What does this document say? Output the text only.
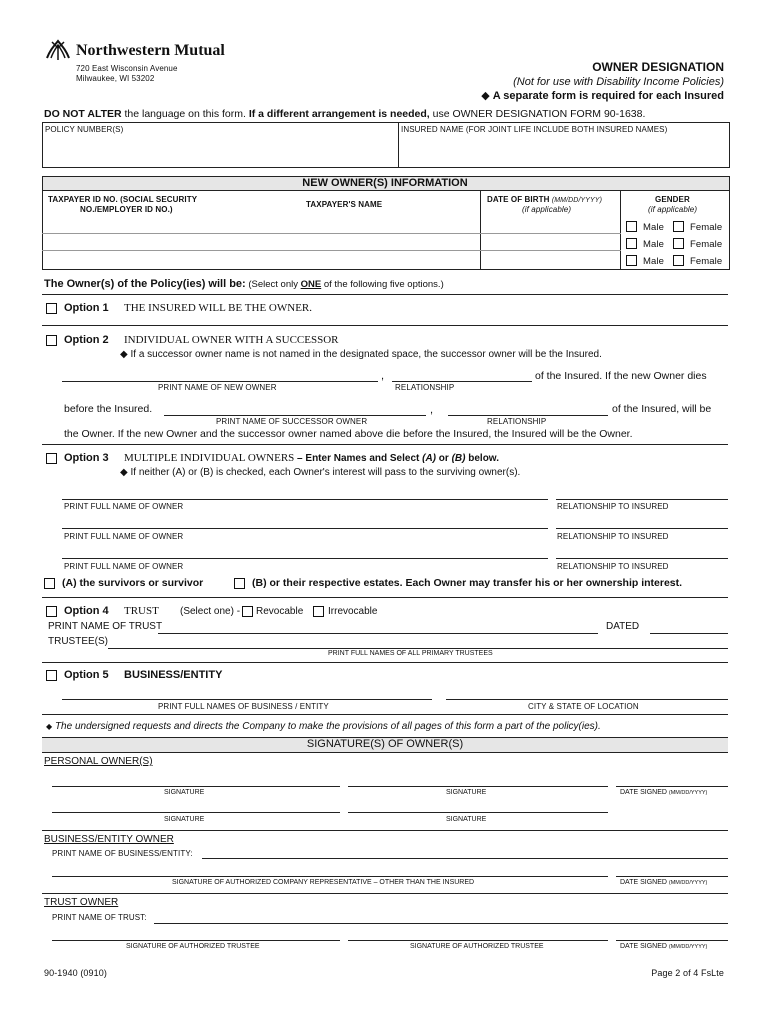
Northwestern Mutual
720 East Wisconsin Avenue
Milwaukee, WI 53202
OWNER DESIGNATION
(Not for use with Disability Income Policies)
◆ A separate form is required for each Insured
DO NOT ALTER the language on this form. If a different arrangement is needed, use OWNER DESIGNATION FORM 90-1638.
POLICY NUMBER(S)	INSURED NAME (FOR JOINT LIFE INCLUDE BOTH INSURED NAMES)
NEW OWNER(S) INFORMATION
TAXPAYER ID NO. (SOCIAL SECURITY
NO./EMPLOYER ID NO.)
TAXPAYER'S NAME
DATE OF BIRTH (MM/DD/YYYY)
(if applicable)
GENDER
(if applicable)
Male	Female
Male	Female
Male	Female
The Owner(s) of the Policy(ies) will be: (Select only ONE of the following five options.)
Option 1 THE INSURED WILL BE THE OWNER.
Option 2 INDIVIDUAL OWNER WITH A SUCCESSOR
◆ If a successor owner name is not named in the designated space, the successor owner will be the Insured.
,	of the Insured. If the new Owner dies
PRINT NAME OF NEW OWNER	RELATIONSHIP
before the Insured.	,	of the Insured, will be
PRINT NAME OF SUCCESSOR OWNER	RELATIONSHIP
the Owner. If the new Owner and the successor owner named above die before the Insured, the Insured will be the Owner.
Option 3 MULTIPLE INDIVIDUAL OWNERS – Enter Names and Select (A) or (B) below.
◆ If neither (A) or (B) is checked, each Owner's interest will pass to the surviving owner(s).
PRINT FULL NAME OF OWNER	RELATIONSHIP TO INSURED
PRINT FULL NAME OF OWNER	RELATIONSHIP TO INSURED
PRINT FULL NAME OF OWNER	RELATIONSHIP TO INSURED
(A) the survivors or survivor	(B) or their respective estates. Each Owner may transfer his or her ownership interest.
Option 4 TRUST (Select one) - Revocable Irrevocable
PRINT NAME OF TRUST	DATED
TRUSTEE(S)
PRINT FULL NAMES OF ALL PRIMARY TRUSTEES
Option 5 BUSINESS/ENTITY
PRINT FULL NAMES OF BUSINESS / ENTITY	CITY & STATE OF LOCATION
◆ The undersigned requests and directs the Company to make the provisions of all pages of this form a part of the policy(ies).
SIGNATURE(S) OF OWNER(S)
PERSONAL OWNER(S)
SIGNATURE	SIGNATURE	DATE SIGNED (MM/DD/YYYY)
SIGNATURE	SIGNATURE
BUSINESS/ENTITY OWNER
PRINT NAME OF BUSINESS/ENTITY:
SIGNATURE OF AUTHORIZED COMPANY REPRESENTATIVE – OTHER THAN THE INSURED	DATE SIGNED (MM/DD/YYYY)
TRUST OWNER
PRINT NAME OF TRUST:
SIGNATURE OF AUTHORIZED TRUSTEE	SIGNATURE OF AUTHORIZED TRUSTEE	DATE SIGNED (MM/DD/YYYY)
90-1940 (0910)	Page 2 of 4 FsLte
